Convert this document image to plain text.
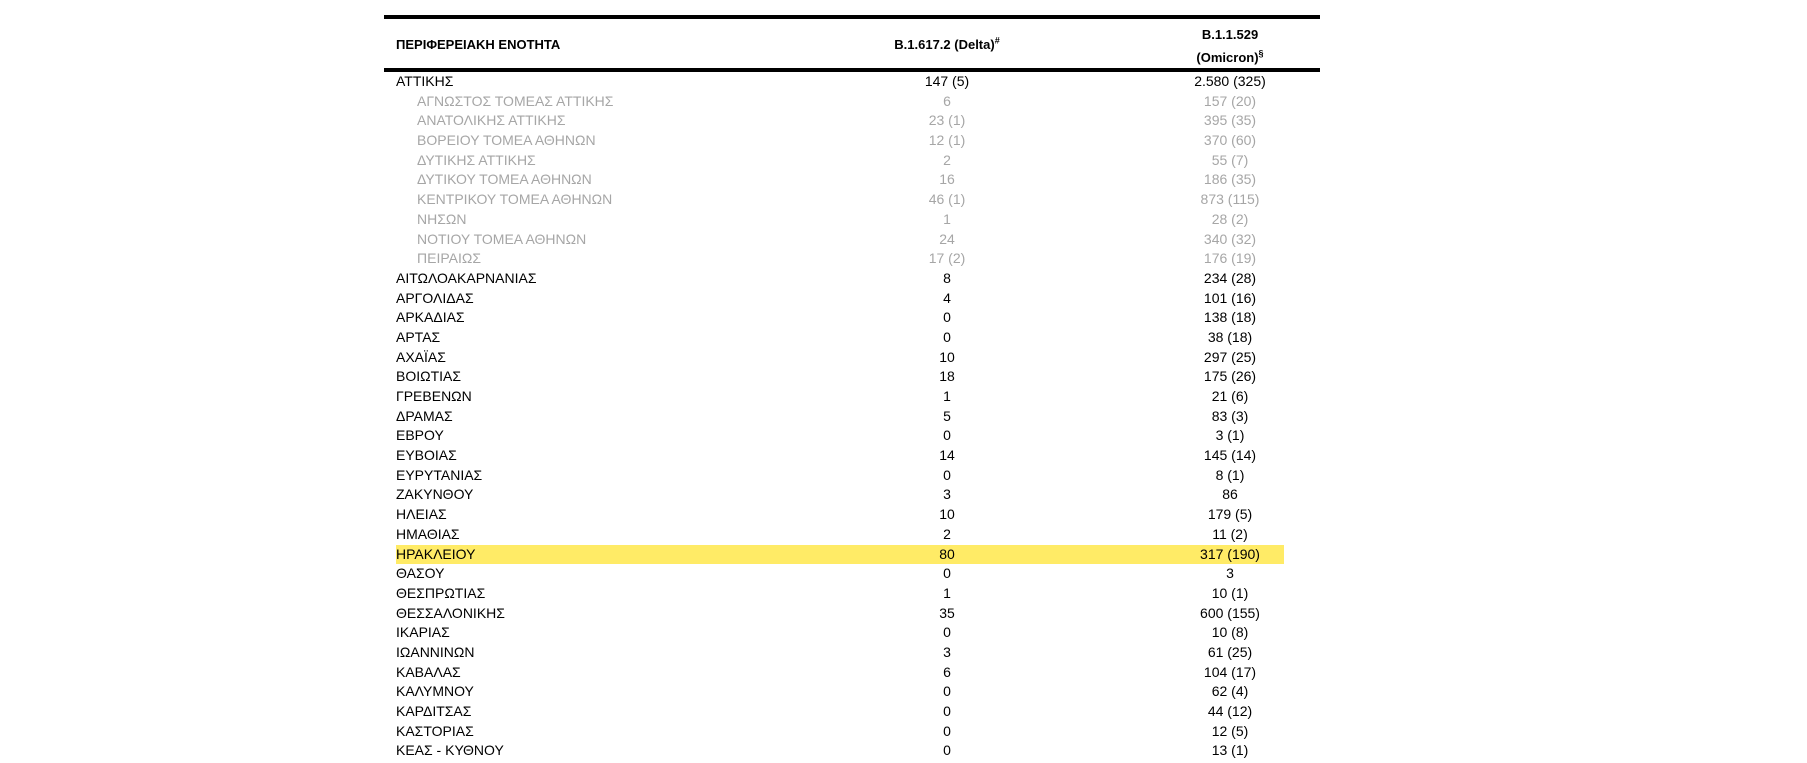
ΠΕΡΙΦΕΡΕΙΑΚΗ ΕΝΟΤΗΤΑ	B.1.617.2 (Delta)#	B.1.1.529
(Omicron)§
ΑΤΤΙΚΗΣ	147 (5)	2.580 (325)
ΑΓΝΩΣΤΟΣ ΤΟΜΕΑΣ ΑΤΤΙΚΗΣ	6	157 (20)
ΑΝΑΤΟΛΙΚΗΣ ΑΤΤΙΚΗΣ	23 (1)	395 (35)
ΒΟΡΕΙΟΥ ΤΟΜΕΑ ΑΘΗΝΩΝ	12 (1)	370 (60)
ΔΥΤΙΚΗΣ ΑΤΤΙΚΗΣ	2	55 (7)
ΔΥΤΙΚΟΥ ΤΟΜΕΑ ΑΘΗΝΩΝ	16	186 (35)
ΚΕΝΤΡΙΚΟΥ ΤΟΜΕΑ ΑΘΗΝΩΝ	46 (1)	873 (115)
ΝΗΣΩΝ	1	28 (2)
ΝΟΤΙΟΥ ΤΟΜΕΑ ΑΘΗΝΩΝ	24	340 (32)
ΠΕΙΡΑΙΩΣ	17 (2)	176 (19)
ΑΙΤΩΛΟΑΚΑΡΝΑΝΙΑΣ	8	234 (28)
ΑΡΓΟΛΙΔΑΣ	4	101 (16)
ΑΡΚΑΔΙΑΣ	0	138 (18)
ΑΡΤΑΣ	0	38 (18)
ΑΧΑΪΑΣ	10	297 (25)
ΒΟΙΩΤΙΑΣ	18	175 (26)
ΓΡΕΒΕΝΩΝ	1	21 (6)
ΔΡΑΜΑΣ	5	83 (3)
ΕΒΡΟΥ	0	3 (1)
ΕΥΒΟΙΑΣ	14	145 (14)
ΕΥΡΥΤΑΝΙΑΣ	0	8 (1)
ΖΑΚΥΝΘΟΥ	3	86
ΗΛΕΙΑΣ	10	179 (5)
ΗΜΑΘΙΑΣ	2	11 (2)
ΗΡΑΚΛΕΙΟΥ	80	317 (190)
ΘΑΣΟΥ	0	3
ΘΕΣΠΡΩΤΙΑΣ	1	10 (1)
ΘΕΣΣΑΛΟΝΙΚΗΣ	35	600 (155)
ΙΚΑΡΙΑΣ	0	10 (8)
ΙΩΑΝΝΙΝΩΝ	3	61 (25)
ΚΑΒΑΛΑΣ	6	104 (17)
ΚΑΛΥΜΝΟΥ	0	62 (4)
ΚΑΡΔΙΤΣΑΣ	0	44 (12)
ΚΑΣΤΟΡΙΑΣ	0	12 (5)
ΚΕΑΣ - ΚΥΘΝΟΥ	0	13 (1)
